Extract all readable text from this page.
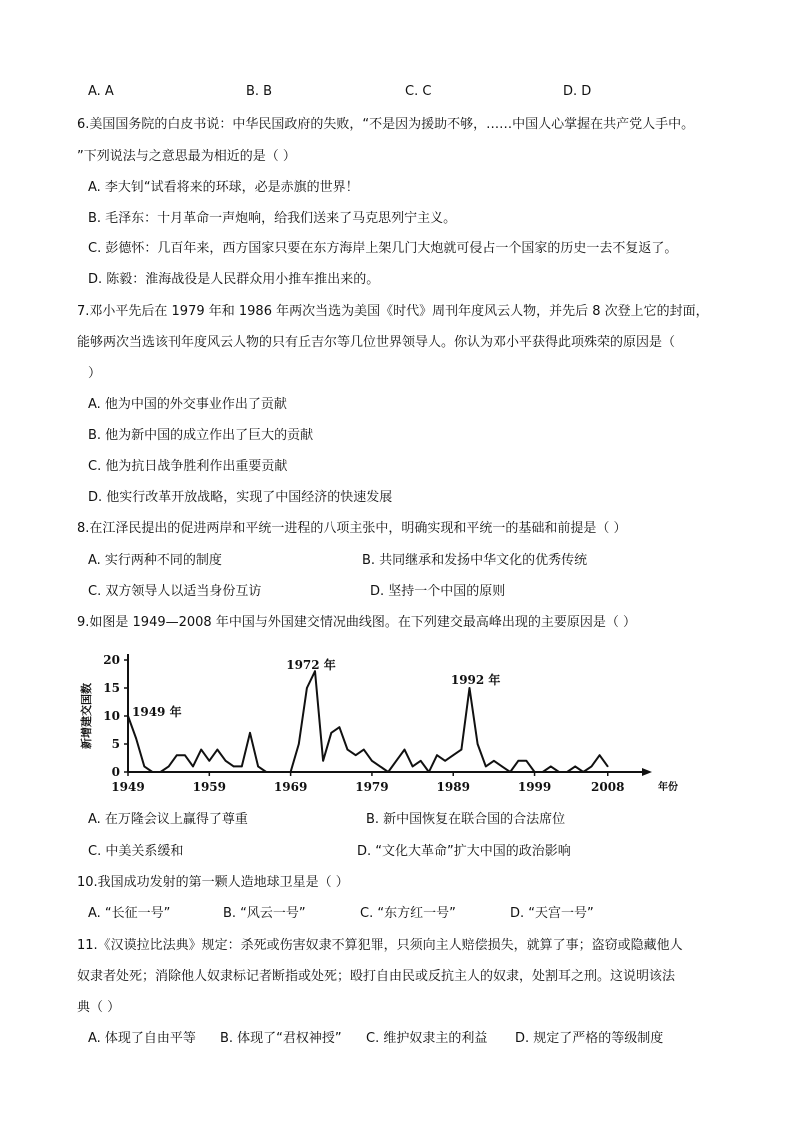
A. A	B. B	C. C	D. D
6.美国国务院的白皮书说：中华民国政府的失败，“不是因为援助不够，……中国人心掌握在共产党人手中。
”下列说法与之意思最为相近的是（ ）
A. 李大钊“试看将来的环球，必是赤旗的世界！
B. 毛泽东：十月革命一声炮响，给我们送来了马克思列宁主义。
C. 彭德怀：几百年来，西方国家只要在东方海岸上架几门大炮就可侵占一个国家的历史一去不复返了。
D. 陈毅：淮海战役是人民群众用小推车推出来的。
7.邓小平先后在 1979 年和 1986 年两次当选为美国《时代》周刊年度风云人物，并先后 8 次登上它的封面，
能够两次当选该刊年度风云人物的只有丘吉尔等几位世界领导人。你认为邓小平获得此项殊荣的原因是（
）
A. 他为中国的外交事业作出了贡献
B. 他为新中国的成立作出了巨大的贡献
C. 他为抗日战争胜利作出重要贡献
D. 他实行改革开放战略，实现了中国经济的快速发展
8.在江泽民提出的促进两岸和平统一进程的八项主张中，明确实现和平统一的基础和前提是（ ）
A. 实行两种不同的制度	B. 共同继承和发扬中华文化的优秀传统
C. 双方领导人以适当身份互访	D. 坚持一个中国的原则
9.如图是 1949—2008 年中国与外国建交情况曲线图。在下列建交最高峰出现的主要原因是（ ）
0
5
10
15
20
1949	1959	1969	1979	1989	1999	2008
新增建交国数
年份
1949 年
1972 年
1992 年
A. 在万隆会议上赢得了尊重	B. 新中国恢复在联合国的合法席位
C. 中美关系缓和	D. “文化大革命”扩大中国的政治影响
10.我国成功发射的第一颗人造地球卫星是（ ）
A. “长征一号”	B. “风云一号”	C. “东方红一号”	D. “天宫一号”
11.《汉谟拉比法典》规定：杀死或伤害奴隶不算犯罪，只须向主人赔偿损失，就算了事；盗窃或隐藏他人
奴隶者处死；消除他人奴隶标记者断指或处死；殴打自由民或反抗主人的奴隶，处割耳之刑。这说明该法
典（ ）
A. 体现了自由平等 B. 体现了“君权神授” C. 维护奴隶主的利益 D. 规定了严格的等级制度
